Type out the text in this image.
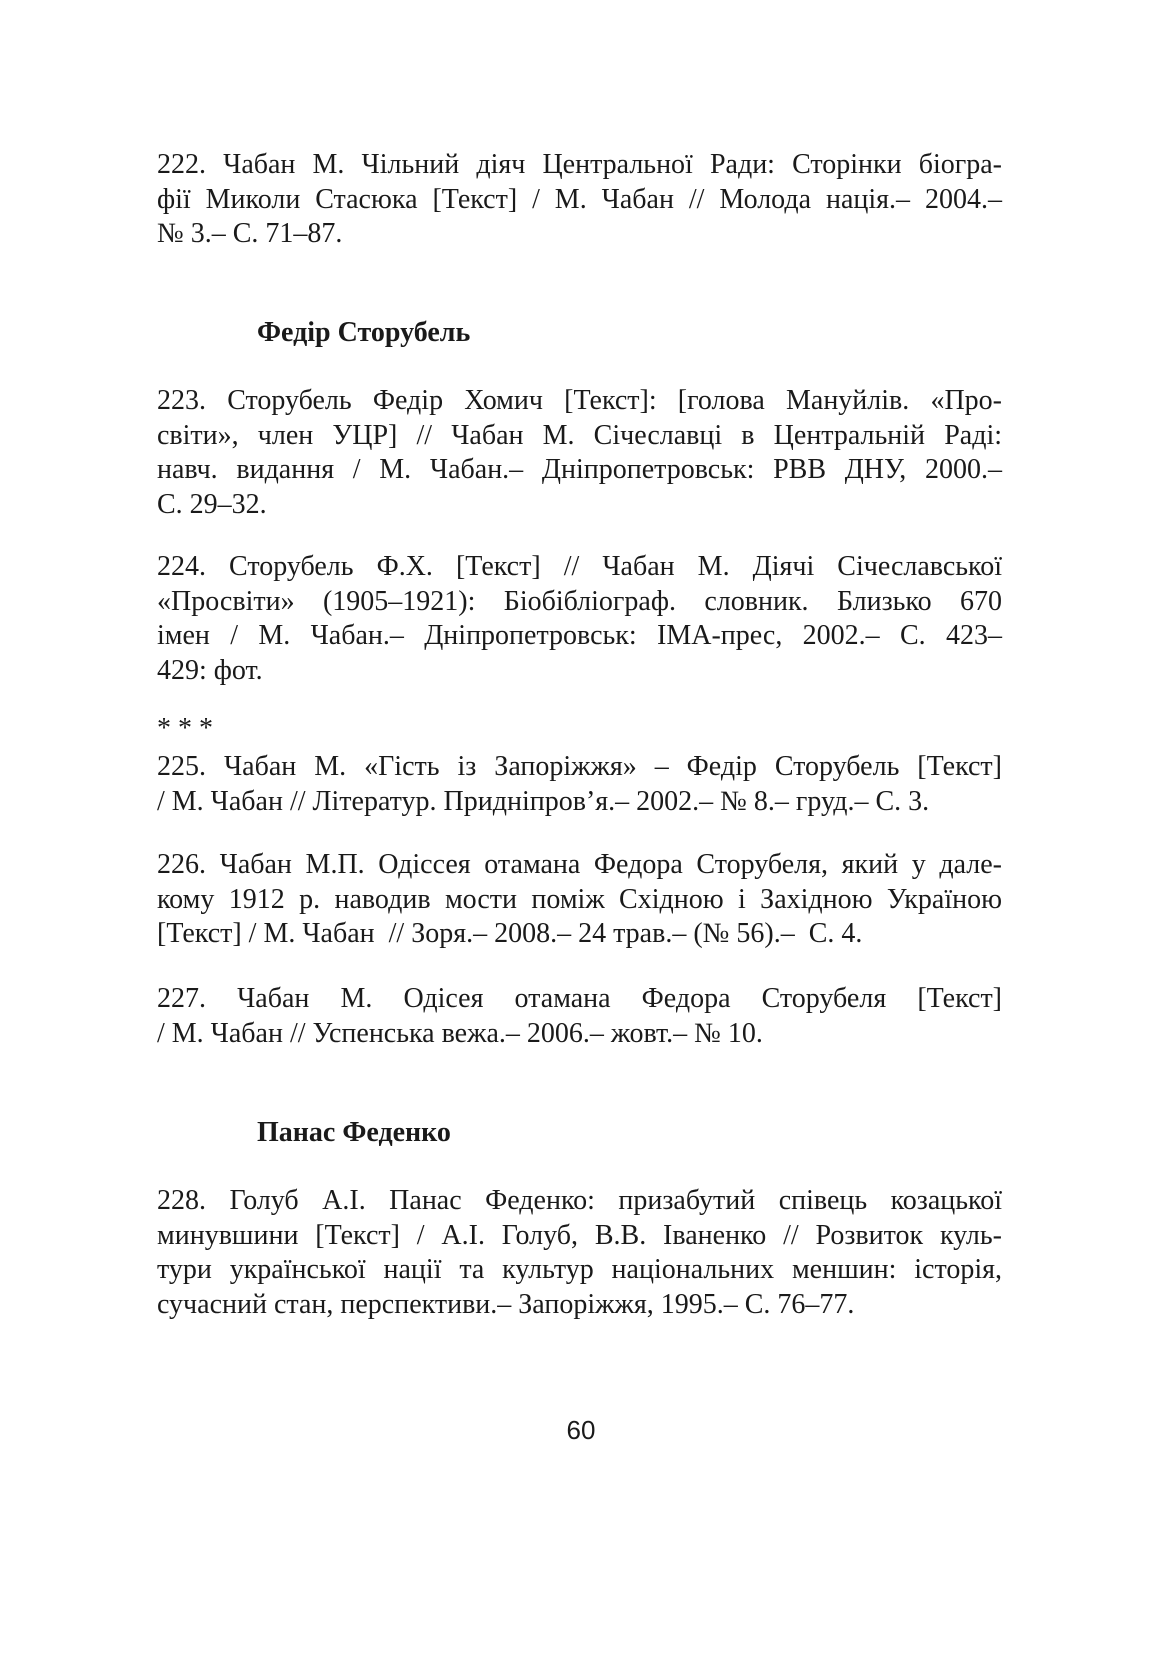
222. Чабан М. Чільний діяч Центральної Ради: Сторінки біогра-
фії Миколи Стасюка [Текст] / М. Чабан // Молода нація.– 2004.–
№ 3.– С. 71–87.
Федір Сторубель
223. Сторубель Федір Хомич [Текст]: [голова Мануйлів. «Про-
світи», член УЦР] // Чабан М. Січеславці в Центральній Раді:
навч. видання / М. Чабан.– Дніпропетровськ: РВВ ДНУ, 2000.–
С. 29–32.
224. Сторубель Ф.Х. [Текст] // Чабан М. Діячі Січеславської
«Просвіти» (1905–1921): Біобібліограф. словник. Близько 670
імен / М. Чабан.– Дніпропетровськ: ІМА-прес, 2002.– С. 423–
429: фот.
* * *
225. Чабан М. «Гість із Запоріжжя» – Федір Сторубель [Текст]
/ М. Чабан // Літератур. Придніпров’я.– 2002.– № 8.– груд.– С. 3.
226. Чабан М.П. Одіссея отамана Федора Сторубеля, який у дале-
кому 1912 р. наводив мости поміж Східною і Західною Україною
[Текст] / М. Чабан  // Зоря.– 2008.– 24 трав.– (№ 56).–  С. 4.
227. Чабан М. Одісея отамана Федора Сторубеля [Текст]
/ М. Чабан // Успенська вежа.– 2006.– жовт.– № 10.
Панас Феденко
228. Голуб А.І. Панас Феденко: призабутий співець козацької
минувшини [Текст] / А.І. Голуб, В.В. Іваненко // Розвиток куль-
тури української нації та культур національних меншин: історія,
сучасний стан, перспективи.– Запоріжжя, 1995.– С. 76–77.
60
